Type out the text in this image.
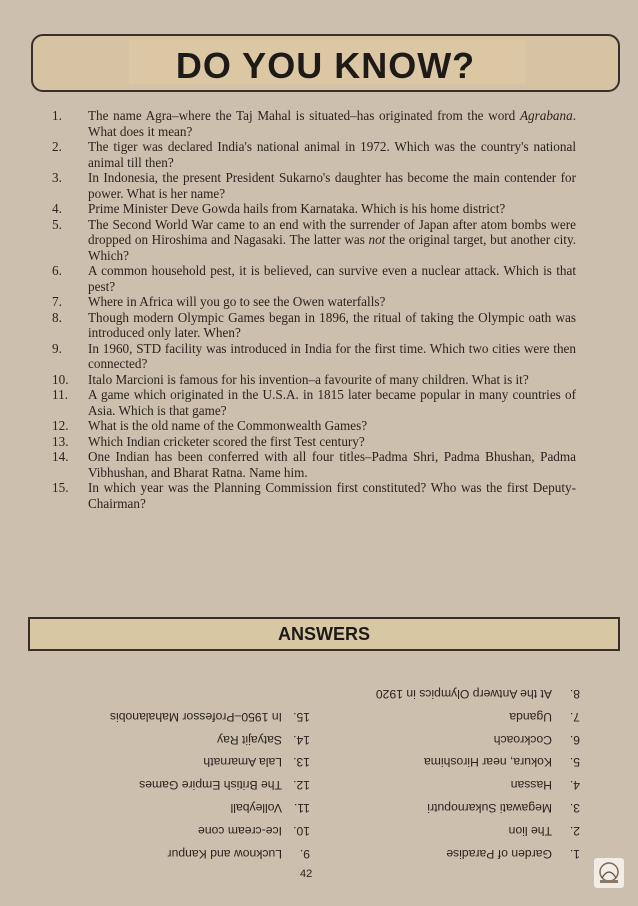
DO YOU KNOW?
1.	The name Agra–where the Taj Mahal is situated–has originated from the word Agrabana. What does it mean?
2.	The tiger was declared India's national animal in 1972. Which was the country's national animal till then?
3.	In Indonesia, the present President Sukarno's daughter has become the main contender for power. What is her name?
4.	Prime Minister Deve Gowda hails from Karnataka. Which is his home district?
5.	The Second World War came to an end with the surrender of Japan after atom bombs were dropped on Hiroshima and Nagasaki. The latter was not the original target, but another city. Which?
6.	A common household pest, it is believed, can survive even a nuclear attack. Which is that pest?
7.	Where in Africa will you go to see the Owen waterfalls?
8.	Though modern Olympic Games began in 1896, the ritual of taking the Olympic oath was introduced only later. When?
9.	In 1960, STD facility was introduced in India for the first time. Which two cities were then connected?
10.	Italo Marcioni is famous for his invention–a favourite of many children. What is it?
11.	A game which originated in the U.S.A. in 1815 later became popular in many countries of Asia. Which is that game?
12.	What is the old name of the Commonwealth Games?
13.	Which Indian cricketer scored the first Test century?
14.	One Indian has been conferred with all four titles–Padma Shri, Padma Bhushan, Padma Vibhushan, and Bharat Ratna. Name him.
15.	In which year was the Planning Commission first constituted? Who was the first Deputy-Chairman?
ANSWERS
1.
Garden of Paradise
2.
The lion
3.
Megawati Sukarnoputri
4.
Hassan
5.
Kokura, near Hiroshima
6.
Cockroach
7.
Uganda
8.
At the Antwerp Olympics in 1920
9.
Lucknow and Kanpur
10.
Ice-cream cone
11.
Volleyball
12.
The British Empire Games
13.
Lala Amarnath
14.
Satyajit Ray
15.
In 1950–Professor Mahalanobis
42
